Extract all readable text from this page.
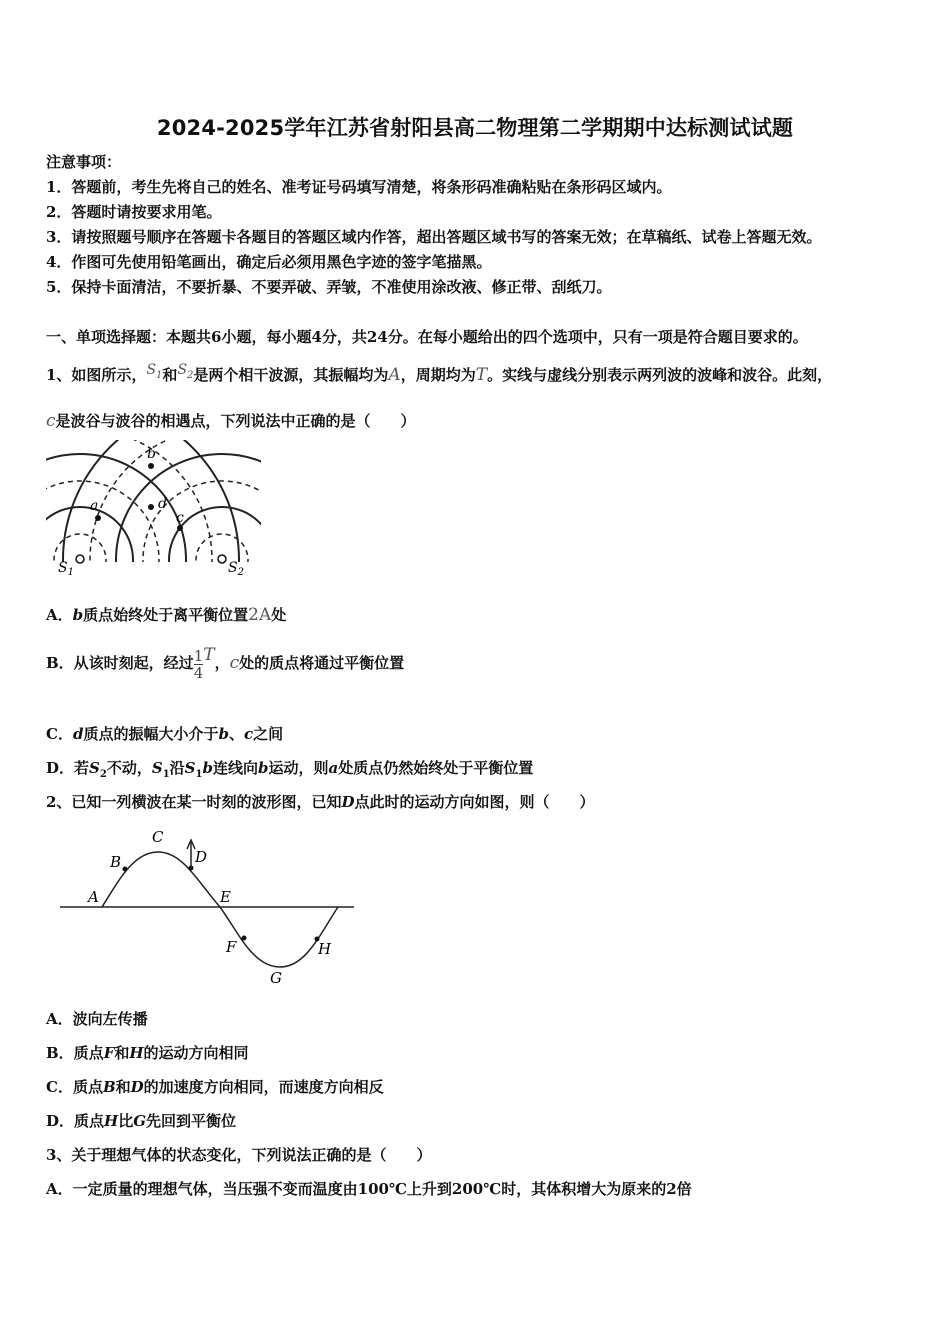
2024-2025学年江苏省射阳县高二物理第二学期期中达标测试试题
注意事项：
1．答题前，考生先将自己的姓名、准考证号码填写清楚，将条形码准确粘贴在条形码区域内。
2．答题时请按要求用笔。
3．请按照题号顺序在答题卡各题目的答题区域内作答，超出答题区域书写的答案无效；在草稿纸、试卷上答题无效。
4．作图可先使用铅笔画出，确定后必须用黑色字迹的签字笔描黑。
5．保持卡面清洁，不要折暴、不要弄破、弄皱，不准使用涂改液、修正带、刮纸刀。
一、单项选择题：本题共6小题，每小题4分，共24分。在每小题给出的四个选项中，只有一项是符合题目要求的。
1、如图所示，$S_1$和$S_2$是两个相干波源，其振幅均为A，周期均为T。实线与虚线分别表示两列波的波峰和波谷。此刻，
c是波谷与波谷的相遇点，下列说法中正确的是（　　）
b
a	d
c
$S_1$	$S_2$
A．b质点始终处于离平衡位置2A处
B．从该时刻起，经过 $\frac{1}{4}$ T，c处的质点将通过平衡位置
C．d质点的振幅大小介于b、c之间
D．若$S_2$不动，$S_1$沿$S_1b$连线向b运动，则a处质点仍然始终处于平衡位置
2、已知一列横波在某一时刻的波形图，已知D点此时的运动方向如图，则（　　）
A
B
C
D
E
F
G
H
A．波向左传播
B．质点F和H的运动方向相同
C．质点B和D的加速度方向相同，而速度方向相反
D．质点H比G先回到平衡位
3、关于理想气体的状态变化，下列说法正确的是（　　）
A．一定质量的理想气体，当压强不变而温度由100℃上升到200℃时，其体积增大为原来的2倍
